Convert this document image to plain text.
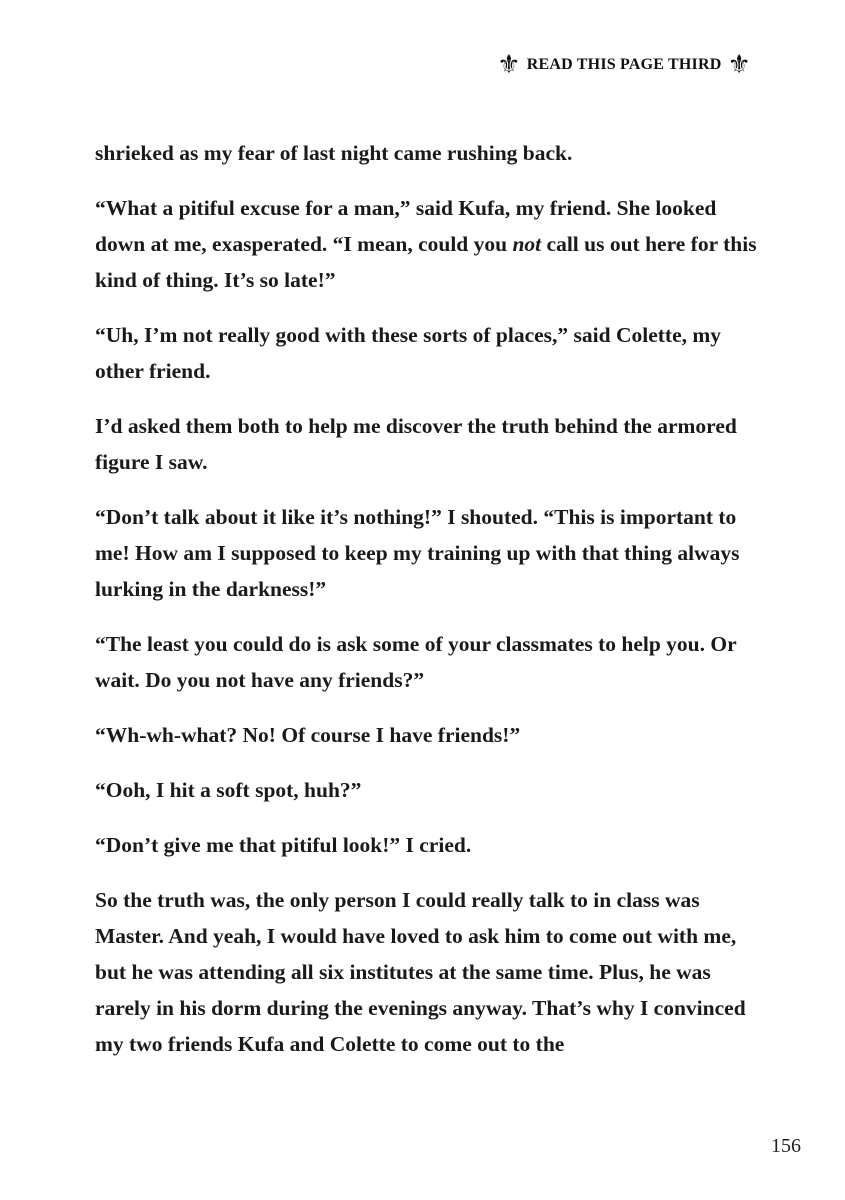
⚜ READ THIS PAGE THIRD ⚜

shrieked as my fear of last night came rushing back.

“What a pitiful excuse for a man,” said Kufa, my friend. She looked down at me, exasperated. “I mean, could you not call us out here for this kind of thing. It’s so late!”

“Uh, I’m not really good with these sorts of places,” said Colette, my other friend.

I’d asked them both to help me discover the truth behind the armored figure I saw.

“Don’t talk about it like it’s nothing!” I shouted. “This is important to me! How am I supposed to keep my training up with that thing always lurking in the darkness!”

“The least you could do is ask some of your classmates to help you. Or wait. Do you not have any friends?”

“Wh-wh-what? No! Of course I have friends!”

“Ooh, I hit a soft spot, huh?”

“Don’t give me that pitiful look!” I cried.

So the truth was, the only person I could really talk to in class was Master. And yeah, I would have loved to ask him to come out with me, but he was attending all six institutes at the same time. Plus, he was rarely in his dorm during the evenings anyway. That’s why I convinced my two friends Kufa and Colette to come out to the

156
